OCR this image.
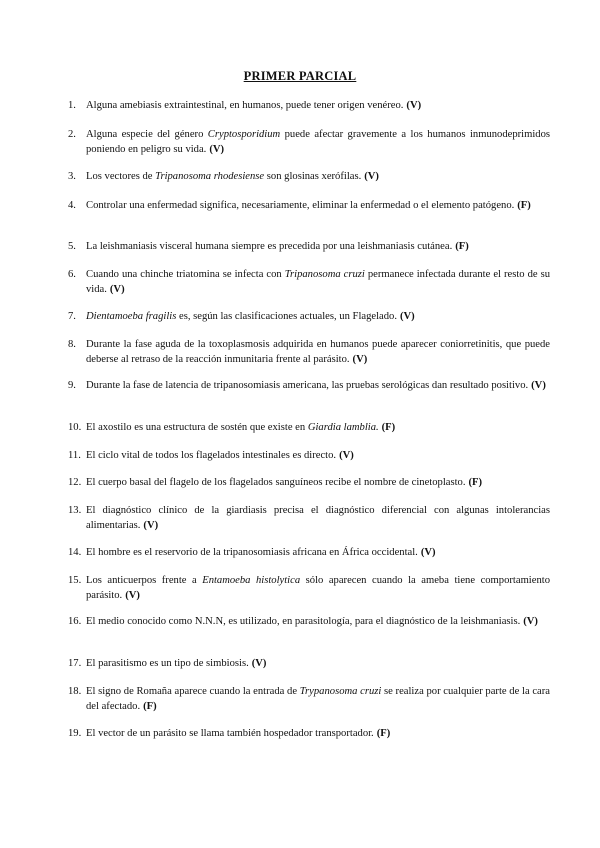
PRIMER PARCIAL
1. Alguna amebiasis extraintestinal, en humanos, puede tener origen venéreo. (V)
2. Alguna especie del género Cryptosporidium puede afectar gravemente a los humanos inmunodeprimidos poniendo en peligro su vida. (V)
3. Los vectores de Tripanosoma rhodesiense son glosinas xerófilas. (V)
4. Controlar una enfermedad significa, necesariamente, eliminar la enfermedad o el elemento patógeno. (F)
5. La leishmaniasis visceral humana siempre es precedida por una leishmaniasis cutánea. (F)
6. Cuando una chinche triatomina se infecta con Tripanosoma cruzi permanece infectada durante el resto de su vida. (V)
7. Dientamoeba fragilis es, según las clasificaciones actuales, un Flagelado. (V)
8. Durante la fase aguda de la toxoplasmosis adquirida en humanos puede aparecer coniorretinitis, que puede deberse al retraso de la reacción inmunitaria frente al parásito. (V)
9. Durante la fase de latencia de tripanosomiasis americana, las pruebas serológicas dan resultado positivo. (V)
10. El axostilo es una estructura de sostén que existe en Giardia lamblia. (F)
11. El ciclo vital de todos los flagelados intestinales es directo. (V)
12. El cuerpo basal del flagelo de los flagelados sanguíneos recibe el nombre de cinetoplasto. (F)
13. El diagnóstico clínico de la giardiasis precisa el diagnóstico diferencial con algunas intolerancias alimentarias. (V)
14. El hombre es el reservorio de la tripanosomiasis africana en África occidental. (V)
15. Los anticuerpos frente a Entamoeba histolytica sólo aparecen cuando la ameba tiene comportamiento parásito. (V)
16. El medio conocido como N.N.N, es utilizado, en parasitología, para el diagnóstico de la leishmaniasis. (V)
17. El parasitismo es un tipo de simbiosis. (V)
18. El signo de Romaña aparece cuando la entrada de Trypanosoma cruzi se realiza por cualquier parte de la cara del afectado. (F)
19. El vector de un parásito se llama también hospedador transportador. (F)
